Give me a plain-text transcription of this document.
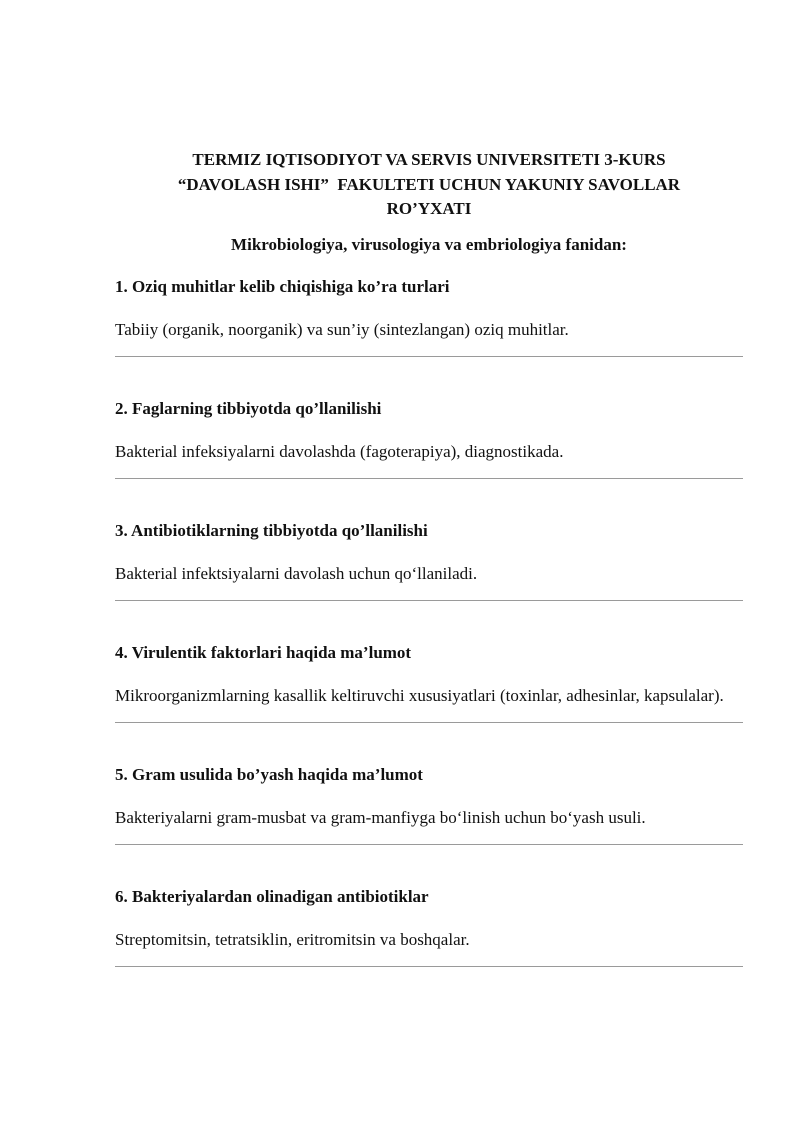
TERMIZ IQTISODIYOT VA SERVIS UNIVERSITETI 3-KURS
“DAVOLASH ISHI”  FAKULTETI UCHUN YAKUNIY SAVOLLAR
RO’YXATI

Mikrobiologiya, virusologiya va embriologiya fanidan:

1. Oziq muhitlar kelib chiqishiga ko’ra turlari

Tabiiy (organik, noorganik) va sun’iy (sintezlangan) oziq muhitlar.

2. Faglarning tibbiyotda qo’llanilishi

Bakterial infeksiyalarni davolashda (fagoterapiya), diagnostikada.

3. Antibiotiklarning tibbiyotda qo’llanilishi

Bakterial infektsiyalarni davolash uchun qo‘llaniladi.

4. Virulentik faktorlari haqida ma’lumot

Mikroorganizmlarning kasallik keltiruvchi xususiyatlari (toxinlar, adhesinlar, kapsulalar).

5. Gram usulida bo’yash haqida ma’lumot

Bakteriyalarni gram-musbat va gram-manfiyga bo‘linish uchun bo‘yash usuli.

6. Bakteriyalardan olinadigan antibiotiklar

Streptomitsin, tetratsiklin, eritromitsin va boshqalar.
